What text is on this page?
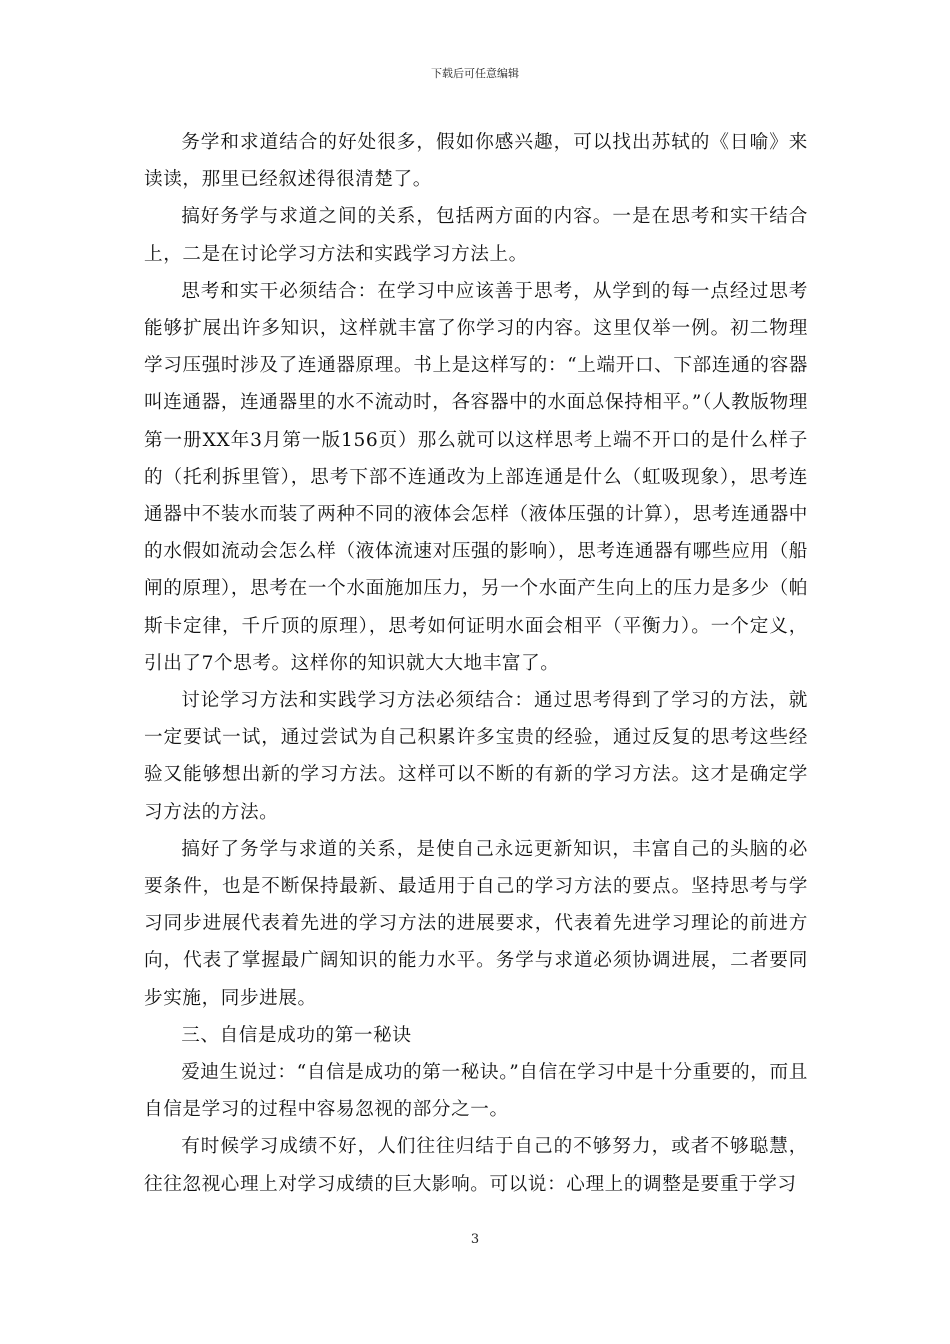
下载后可任意编辑

务学和求道结合的好处很多，假如你感兴趣，可以找出苏轼的《日喻》来读读，那里已经叙述得很清楚了。

搞好务学与求道之间的关系，包括两方面的内容。一是在思考和实干结合上，二是在讨论学习方法和实践学习方法上。

思考和实干必须结合：在学习中应该善于思考，从学到的每一点经过思考能够扩展出许多知识，这样就丰富了你学习的内容。这里仅举一例。初二物理学习压强时涉及了连通器原理。书上是这样写的：“上端开口、下部连通的容器叫连通器，连通器里的水不流动时，各容器中的水面总保持相平。”（人教版物理第一册XX年3月第一版156页）那么就可以这样思考上端不开口的是什么样子的（托利拆里管），思考下部不连通改为上部连通是什么（虹吸现象），思考连通器中不装水而装了两种不同的液体会怎样（液体压强的计算），思考连通器中的水假如流动会怎么样（液体流速对压强的影响），思考连通器有哪些应用（船闸的原理），思考在一个水面施加压力，另一个水面产生向上的压力是多少（帕斯卡定律，千斤顶的原理），思考如何证明水面会相平（平衡力）。一个定义，引出了7个思考。这样你的知识就大大地丰富了。

讨论学习方法和实践学习方法必须结合：通过思考得到了学习的方法，就一定要试一试，通过尝试为自己积累许多宝贵的经验，通过反复的思考这些经验又能够想出新的学习方法。这样可以不断的有新的学习方法。这才是确定学习方法的方法。

搞好了务学与求道的关系，是使自己永远更新知识，丰富自己的头脑的必要条件，也是不断保持最新、最适用于自己的学习方法的要点。坚持思考与学习同步进展代表着先进的学习方法的进展要求，代表着先进学习理论的前进方向，代表了掌握最广阔知识的能力水平。务学与求道必须协调进展，二者要同步实施，同步进展。

三、自信是成功的第一秘诀

爱迪生说过：“自信是成功的第一秘诀。”自信在学习中是十分重要的，而且自信是学习的过程中容易忽视的部分之一。

有时候学习成绩不好，人们往往归结于自己的不够努力，或者不够聪慧，往往忽视心理上对学习成绩的巨大影响。可以说：心理上的调整是要重于学习

3
